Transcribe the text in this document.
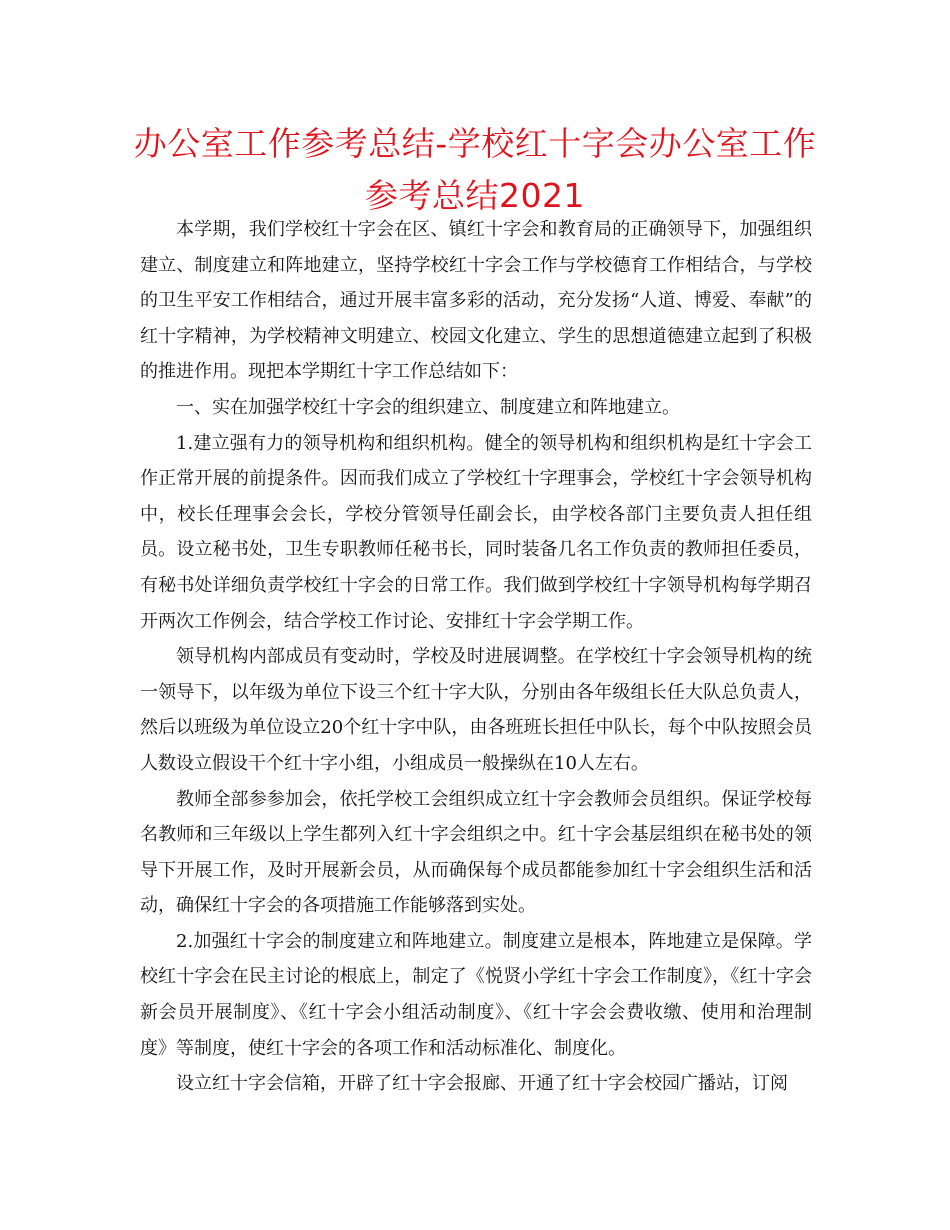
办公室工作参考总结-学校红十字会办公室工作参考总结2021

本学期，我们学校红十字会在区、镇红十字会和教育局的正确领导下，加强组织建立、制度建立和阵地建立，坚持学校红十字会工作与学校德育工作相结合，与学校的卫生平安工作相结合，通过开展丰富多彩的活动，充分发扬“人道、博爱、奉献”的红十字精神，为学校精神文明建立、校园文化建立、学生的思想道德建立起到了积极的推进作用。现把本学期红十字工作总结如下：

一、实在加强学校红十字会的组织建立、制度建立和阵地建立。

1.建立强有力的领导机构和组织机构。健全的领导机构和组织机构是红十字会工作正常开展的前提条件。因而我们成立了学校红十字理事会，学校红十字会领导机构中，校长任理事会会长，学校分管领导任副会长，由学校各部门主要负责人担任组员。设立秘书处，卫生专职教师任秘书长，同时装备几名工作负责的教师担任委员，有秘书处详细负责学校红十字会的日常工作。我们做到学校红十字领导机构每学期召开两次工作例会，结合学校工作讨论、安排红十字会学期工作。

领导机构内部成员有变动时，学校及时进展调整。在学校红十字会领导机构的统一领导下，以年级为单位下设三个红十字大队，分别由各年级组长任大队总负责人，然后以班级为单位设立20个红十字中队，由各班班长担任中队长，每个中队按照会员人数设立假设干个红十字小组，小组成员一般操纵在10人左右。

教师全部参参加会，依托学校工会组织成立红十字会教师会员组织。保证学校每名教师和三年级以上学生都列入红十字会组织之中。红十字会基层组织在秘书处的领导下开展工作，及时开展新会员，从而确保每个成员都能参加红十字会组织生活和活动，确保红十字会的各项措施工作能够落到实处。

2.加强红十字会的制度建立和阵地建立。制度建立是根本，阵地建立是保障。学校红十字会在民主讨论的根底上，制定了《悦贤小学红十字会工作制度》，《红十字会新会员开展制度》、《红十字会小组活动制度》、《红十字会会费收缴、使用和治理制度》等制度，使红十字会的各项工作和活动标准化、制度化。

设立红十字会信箱，开辟了红十字会报廊、开通了红十字会校园广播站，订阅
